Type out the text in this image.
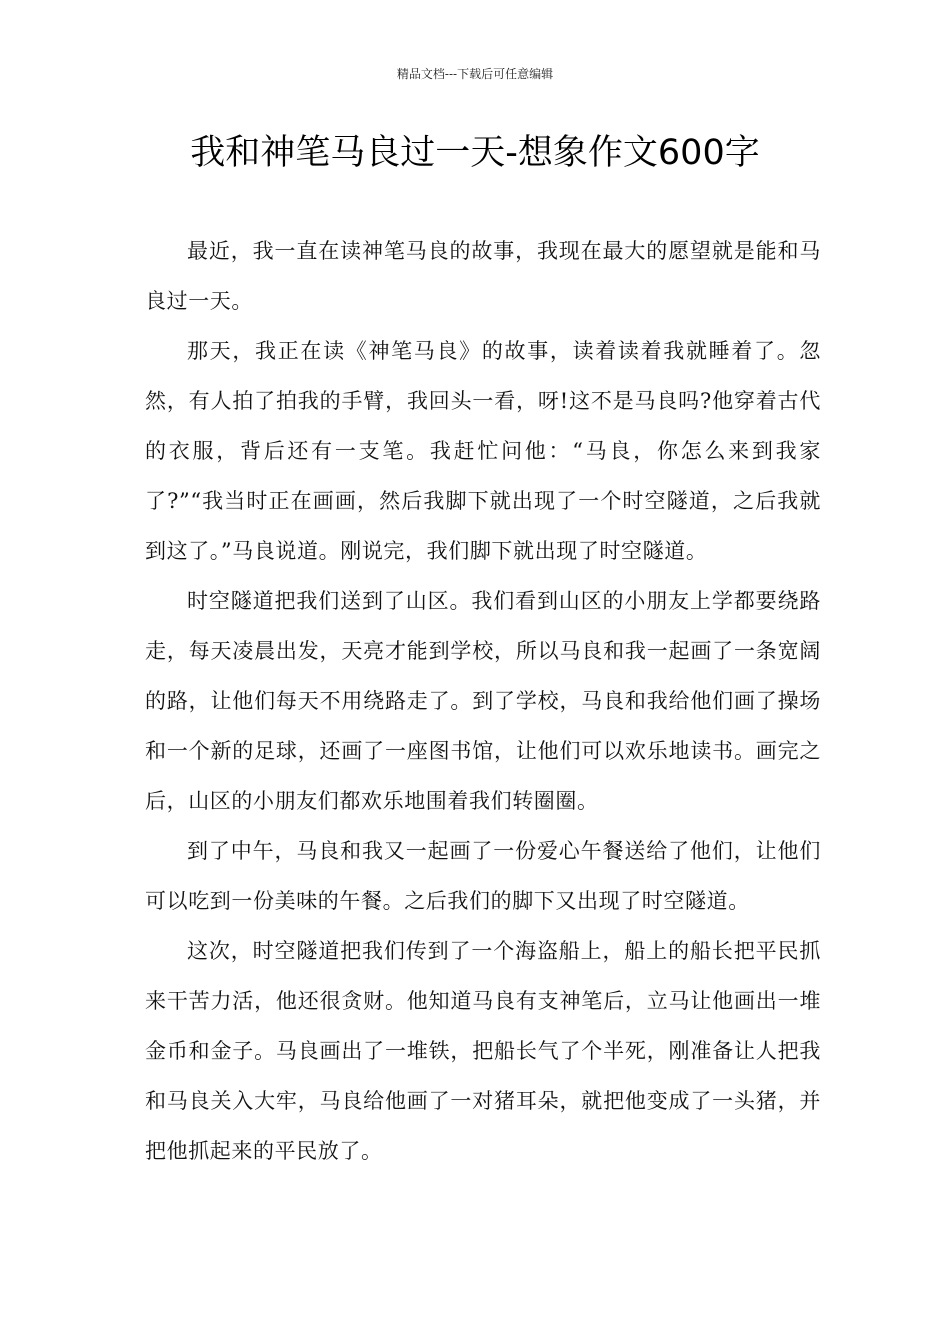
精品文档---下载后可任意编辑
我和神笔马良过一天-想象作文600字

最近，我一直在读神笔马良的故事，我现在最大的愿望就是能和马良过一天。

那天，我正在读《神笔马良》的故事，读着读着我就睡着了。忽然，有人拍了拍我的手臂，我回头一看，呀!这不是马良吗?他穿着古代的衣服，背后还有一支笔。我赶忙问他：“马良，你怎么来到我家了?”“我当时正在画画，然后我脚下就出现了一个时空隧道，之后我就到这了。”马良说道。刚说完，我们脚下就出现了时空隧道。

时空隧道把我们送到了山区。我们看到山区的小朋友上学都要绕路走，每天凌晨出发，天亮才能到学校，所以马良和我一起画了一条宽阔的路，让他们每天不用绕路走了。到了学校，马良和我给他们画了操场和一个新的足球，还画了一座图书馆，让他们可以欢乐地读书。画完之后，山区的小朋友们都欢乐地围着我们转圈圈。

到了中午，马良和我又一起画了一份爱心午餐送给了他们，让他们可以吃到一份美味的午餐。之后我们的脚下又出现了时空隧道。

这次，时空隧道把我们传到了一个海盗船上，船上的船长把平民抓来干苦力活，他还很贪财。他知道马良有支神笔后，立马让他画出一堆金币和金子。马良画出了一堆铁，把船长气了个半死，刚准备让人把我和马良关入大牢，马良给他画了一对猪耳朵，就把他变成了一头猪，并把他抓起来的平民放了。
